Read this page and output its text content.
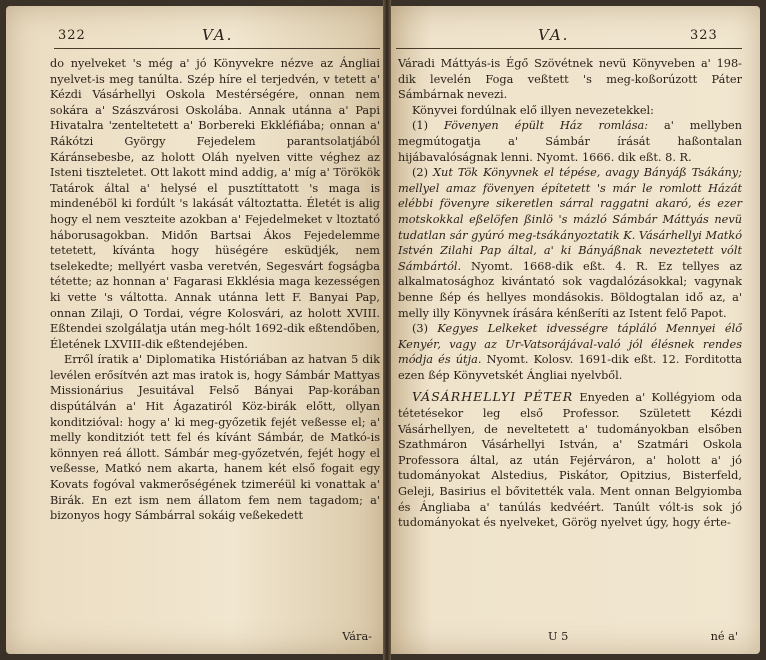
322	VA.

do nyelveket 's még a' jó Könyvekre nézve az Ángliai nyelvet-is meg tanúlta. Szép híre el terjedvén, v tetett a' Kézdi Vásárhellyi Oskola Mestérségére, onnan nem sokára a' Szászvárosi Oskolába. Annak utánna a' Papi Hivatalra 'zenteltetett a' Borbereki Ekkléfiába; onnan a' Rákótzi György Fejedelem parantsolatjából Káránsebesbe, az holott Oláh nyelven vitte véghez az Isteni tiszteletet. Ott lakott mind addig, a' míg a' Törökök Tatárok által a' helysé el pusztíttatott 's maga is mindenéböl ki fordúlt 's lakását változtatta. Életét is alig hogy el nem veszteite azokban a' Fejedelmeket v ltoztató háborusagokban. Midőn Bartsai Ákos Fejedelemme tetetett, kívánta hogy hüségére esküdjék, nem tselekedte; mellyért vasba veretvén, Segesvárt fogságba tétette; az honnan a' Fagarasi Ekklésia maga kezességen ki vette 's váltotta. Annak utánna lett F. Banyai Pap, onnan Zilaji, O Tordai, végre Kolosvári, az holott XVIII. Eßtendei szolgálatja után meg-hólt 1692-dik eßtendőben, Életének LXVIII-dik eßtendejében.

Erről íratik a' Diplomatika Históriában az hatvan 5 dik levélen erősítvén azt mas iratok is, hogy Sámbár Mattyas Missionárius Jesuitával Felső Bányai Pap-korában dispútálván a' Hit Ágazatiról Köz-birák előtt, ollyan konditzióval: hogy a' ki meg-győzetik fejét veßesse el; a' melly konditziót tett fel és kívánt Sámbár, de Matkó-is könnyen reá állott. Sámbár meg-győzetvén, fejét hogy el veßesse, Matkó nem akarta, hanem két első fogait egy Kovats fogóval vakmerőségének tzimeréül ki vonattak a' Birák. En ezt ism nem állatom fem nem tagadom; a' bizonyos hogy Sámbárral sokáig veßekedett

Vára-
VA.	323

Váradi Máttyás-is Égő Szövétnek nevü Könyveben a' 198-dik levelén Foga veßtett 's meg-koßorúzott Páter Sámbárnak nevezi.

Könyvei fordúlnak elő illyen nevezetekkel:

(1) Fövenyen épült Ház romlása: a' mellyben megmútogatja a' Sámbár írását haßontalan hijábavalóságnak lenni. Nyomt. 1666. dik eßt. 8. R.

(2) Xut Tök Könyvnek el tépése, avagy Bányáß Tsákány; mellyel amaz fövenyen építetett 's már le romlott Házát elébbi fövenyre sikeretlen sárral raggatni akaró, és ezer motskokkal eßelöfen ßinlö 's mázló Sámbár Máttyás nevü tudatlan sár gyúró meg-tsákányoztatik K. Vásárhellyi Matkó Istvén Zilahi Pap által, a' ki Bányáßnak neveztetett vólt Sámbártól. Nyomt. 1668-dik eßt. 4. R. Ez tellyes az alkalmatosághoz kivántató sok vagdalózásokkal; vagynak benne ßép és hellyes mondásokis. Böldogtalan idő az, a' melly illy Könyvnek írására kénßeríti az Istent felő Papot.

(3) Kegyes Lelkeket idvességre tápláló Mennyei élő Kenyér, vagy az Ur-Vatsorájával-való jól élésnek rendes módja és útja. Nyomt. Kolosv. 1691-dik eßt. 12. Forditotta ezen ßép Könyvetskét Ángliai nyelvből.

VÁSÁRHELLYI PÉTER Enyeden a' Kollégyiom oda tétetésekor leg első Professor. Született Kézdi Vásárhellyen, de neveltetett a' tudományokban elsőben Szathmáron Vásárhellyi István, a' Szatmári Oskola Professora által, az után Fejérváron, a' holott a' jó tudományokat Alstedius, Piskátor, Opitzius, Bisterfeld, Geleji, Basirius el bővitették vala. Ment onnan Belgyiomba és Ángliaba a' tanúlás kedvéért. Tanúlt vólt-is sok jó tudományokat és nyelveket, Görög nyelvet úgy, hogy érte-

U 5	né a'
